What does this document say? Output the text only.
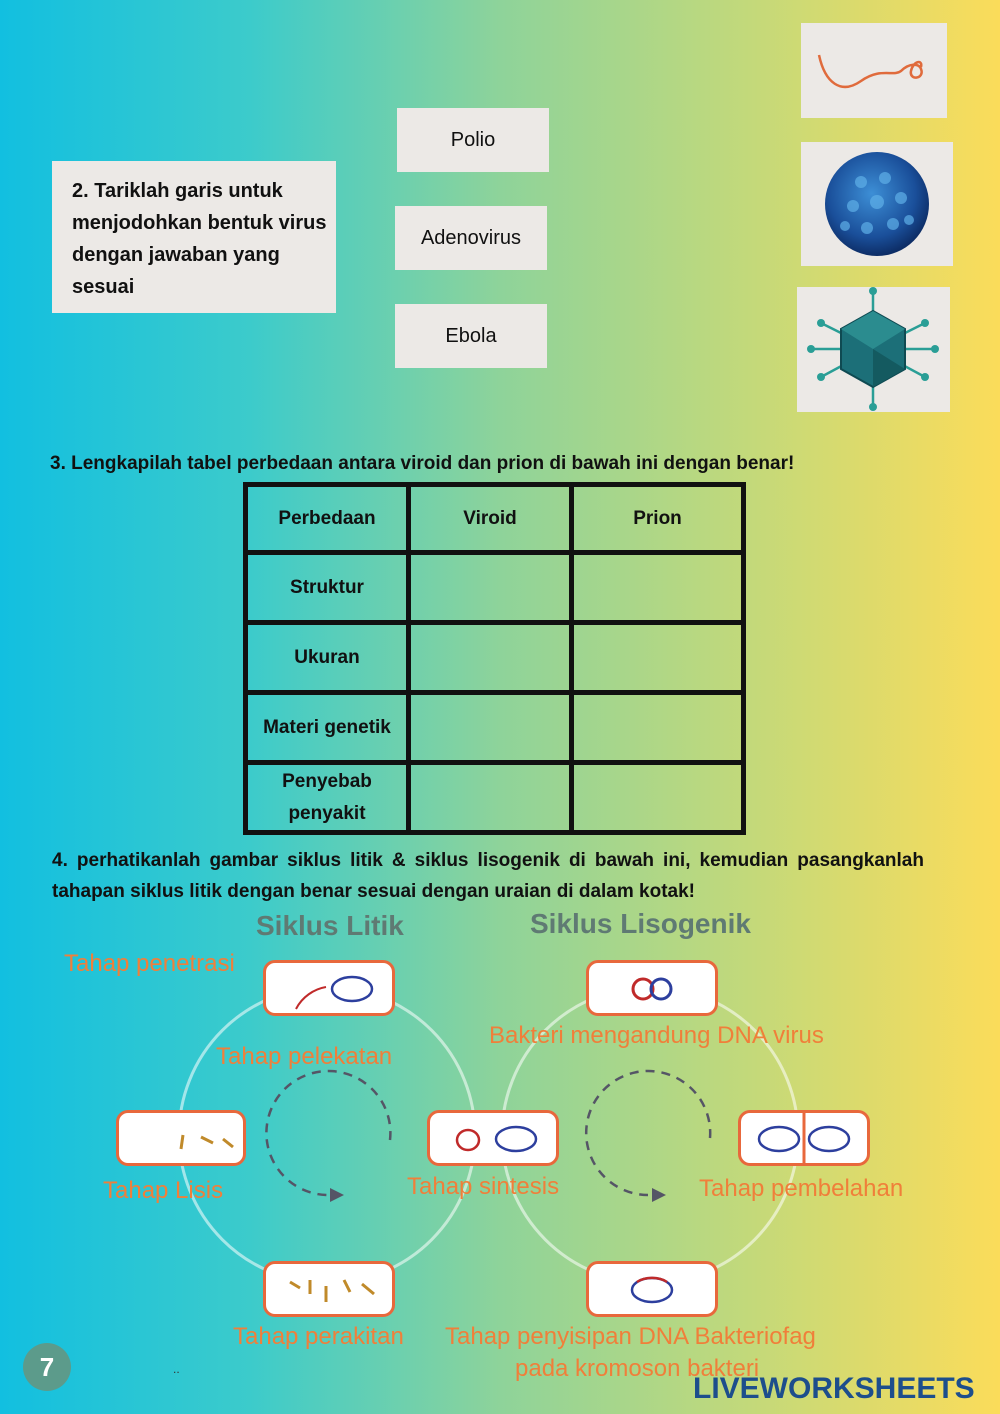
2. Tariklah garis untuk menjodohkan bentuk virus dengan jawaban yang sesuai
Polio
Adenovirus
Ebola
3. Lengkapilah tabel perbedaan antara viroid dan prion di bawah ini dengan benar!
Perbedaan	Viroid	Prion
Struktur		
Ukuran		
Materi genetik		
Penyebab penyakit		
4. perhatikanlah gambar siklus litik & siklus lisogenik di bawah ini, kemudian pasangkanlah tahapan siklus litik dengan benar sesuai dengan uraian di dalam kotak!
Siklus Litik	Siklus Lisogenik
Tahap penetrasi
Tahap pelekatan
Tahap Lisis	Tahap sintesis
Tahap perakitan
Bakteri mengandung DNA virus
Tahap pembelahan
Tahap penyisipan DNA Bakteriofag
pada kromoson bakteri
7	..
LIVEWORKSHEETS
